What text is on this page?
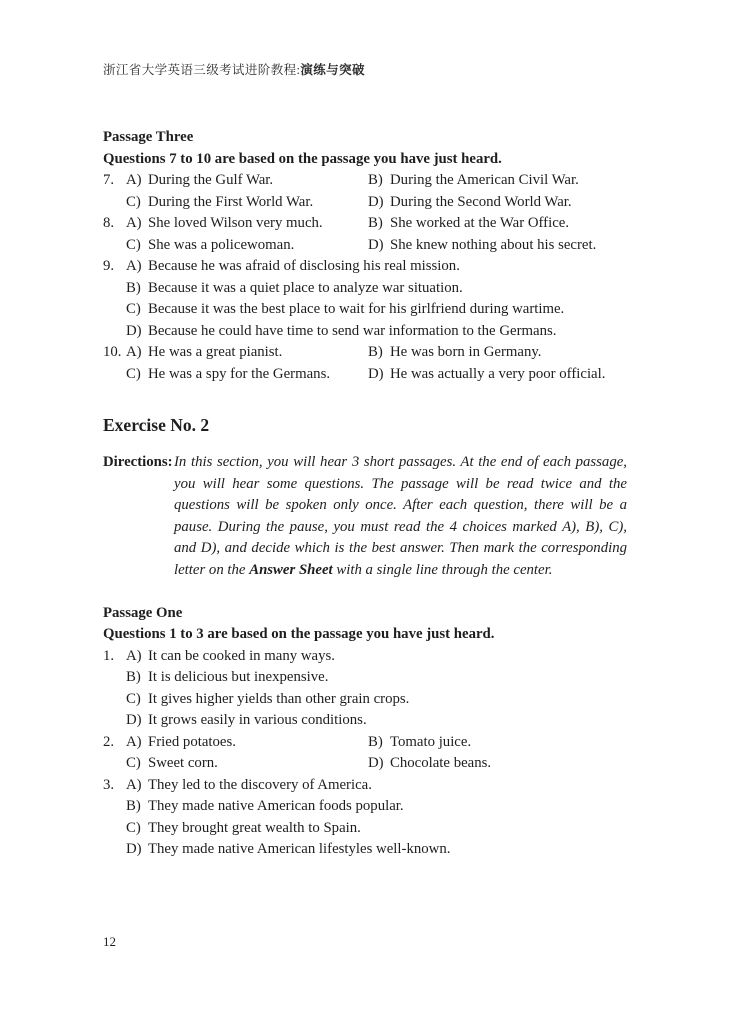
浙江省大学英语三级考试进阶教程:演练与突破
Passage Three
Questions 7 to 10 are based on the passage you have just heard.
7. A) During the Gulf War.	B) During the American Civil War.
C) During the First World War.	D) During the Second World War.
8. A) She loved Wilson very much.	B) She worked at the War Office.
C) She was a policewoman.	D) She knew nothing about his secret.
9. A) Because he was afraid of disclosing his real mission.
B) Because it was a quiet place to analyze war situation.
C) Because it was the best place to wait for his girlfriend during wartime.
D) Because he could have time to send war information to the Germans.
10. A) He was a great pianist.	B) He was born in Germany.
C) He was a spy for the Germans.	D) He was actually a very poor official.
Exercise No. 2
Directions: In this section, you will hear 3 short passages. At the end of each passage, you will hear some questions. The passage will be read twice and the questions will be spoken only once. After each question, there will be a pause. During the pause, you must read the 4 choices marked A), B), C), and D), and decide which is the best answer. Then mark the corresponding letter on the Answer Sheet with a single line through the center.

Passage One
Questions 1 to 3 are based on the passage you have just heard.
1. A) It can be cooked in many ways.
B) It is delicious but inexpensive.
C) It gives higher yields than other grain crops.
D) It grows easily in various conditions.
2. A) Fried potatoes.	B) Tomato juice.
C) Sweet corn.	D) Chocolate beans.
3. A) They led to the discovery of America.
B) They made native American foods popular.
C) They brought great wealth to Spain.
D) They made native American lifestyles well-known.
12
